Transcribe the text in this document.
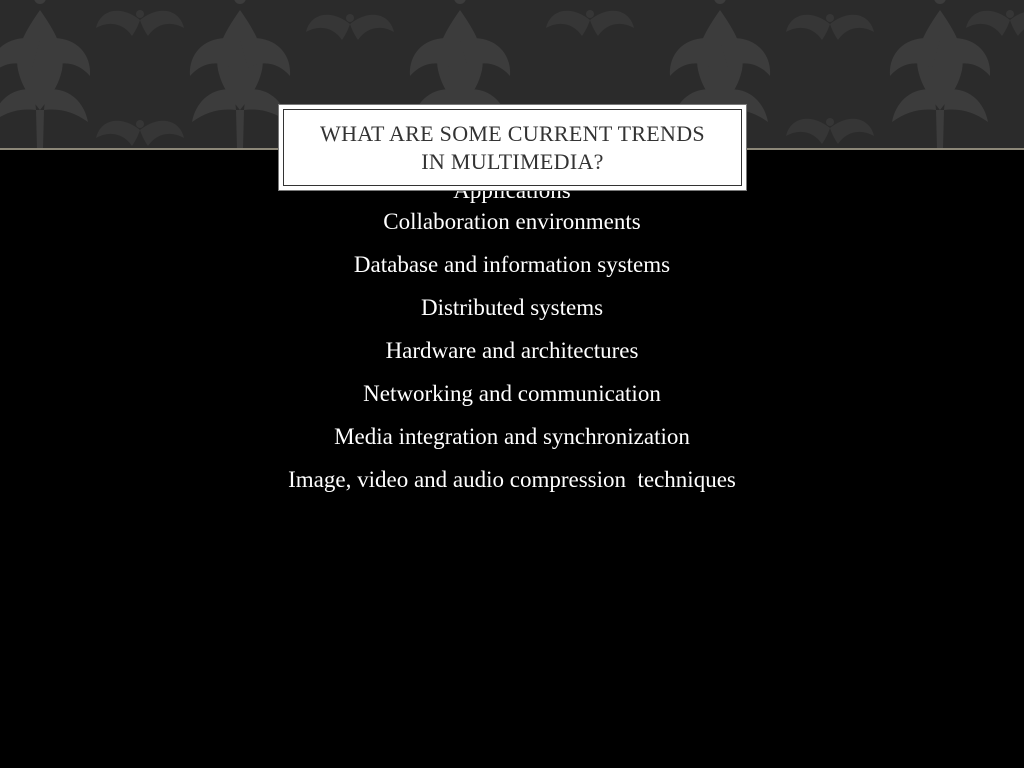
Collaboration environments
Database and information systems
Distributed systems
Hardware and architectures
Networking and communication
Media integration and synchronization
Image, video and audio compression  techniques
WHAT ARE SOME CURRENT TRENDS IN MULTIMEDIA?
